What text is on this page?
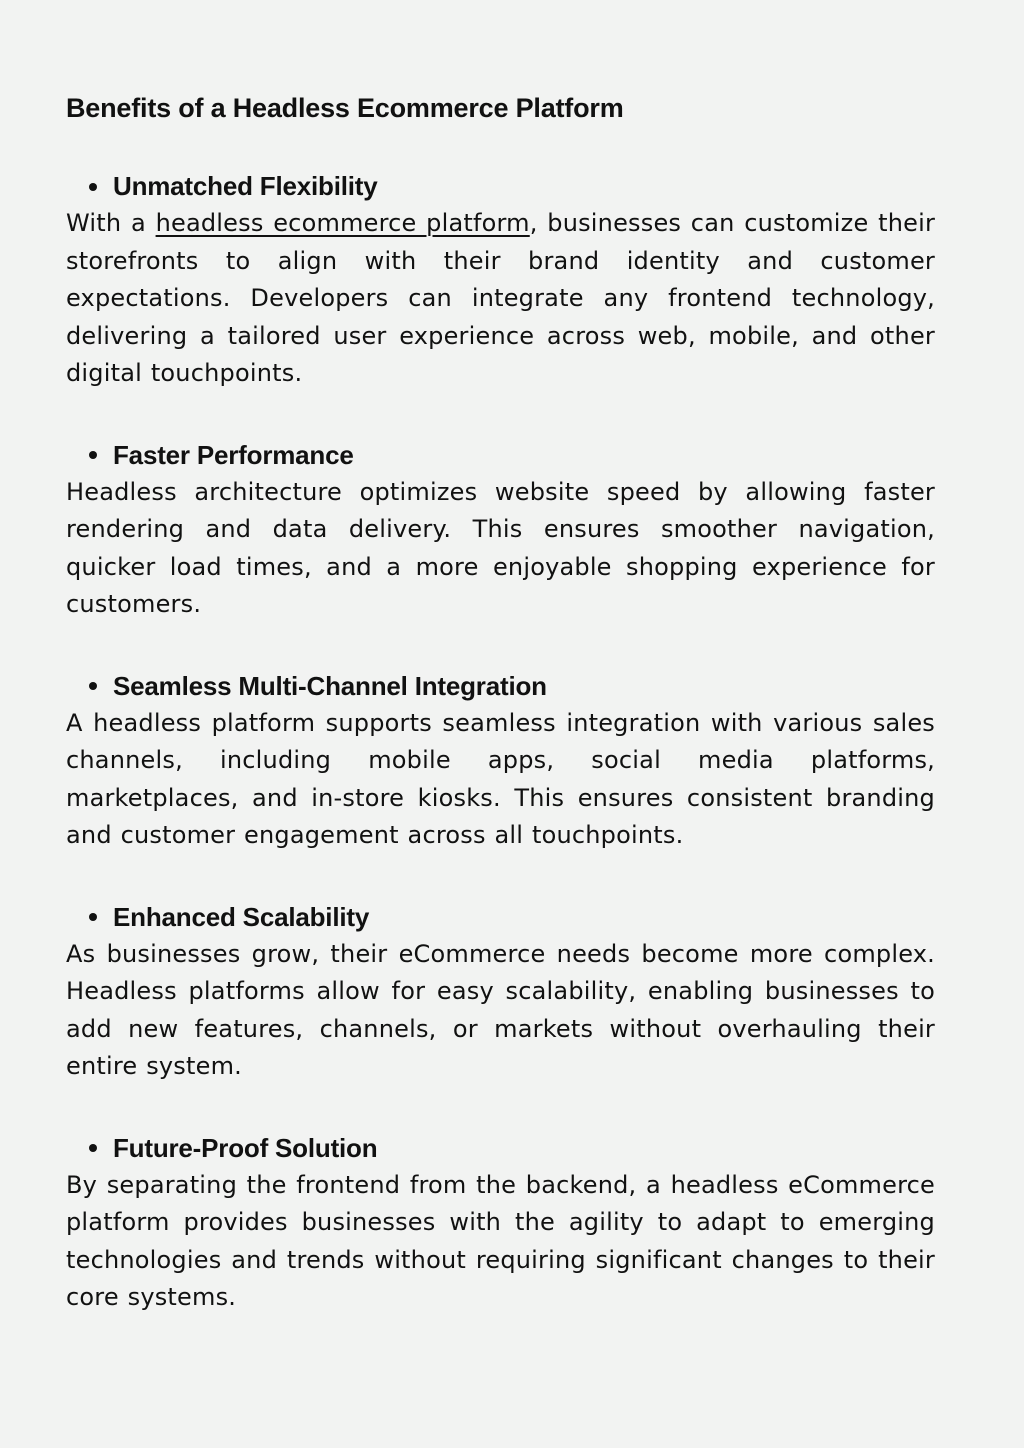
Benefits of a Headless Ecommerce Platform
Unmatched Flexibility

With a headless ecommerce platform, businesses can customize their storefronts to align with their brand identity and customer expectations. Developers can integrate any frontend technology, delivering a tailored user experience across web, mobile, and other digital touchpoints.

Faster Performance

Headless architecture optimizes website speed by allowing faster rendering and data delivery. This ensures smoother navigation, quicker load times, and a more enjoyable shopping experience for customers.

Seamless Multi-Channel Integration

A headless platform supports seamless integration with various sales channels, including mobile apps, social media platforms, marketplaces, and in-store kiosks. This ensures consistent branding and customer engagement across all touchpoints.

Enhanced Scalability

As businesses grow, their eCommerce needs become more complex. Headless platforms allow for easy scalability, enabling businesses to add new features, channels, or markets without overhauling their entire system.

Future-Proof Solution

By separating the frontend from the backend, a headless eCommerce platform provides businesses with the agility to adapt to emerging technologies and trends without requiring significant changes to their core systems.
